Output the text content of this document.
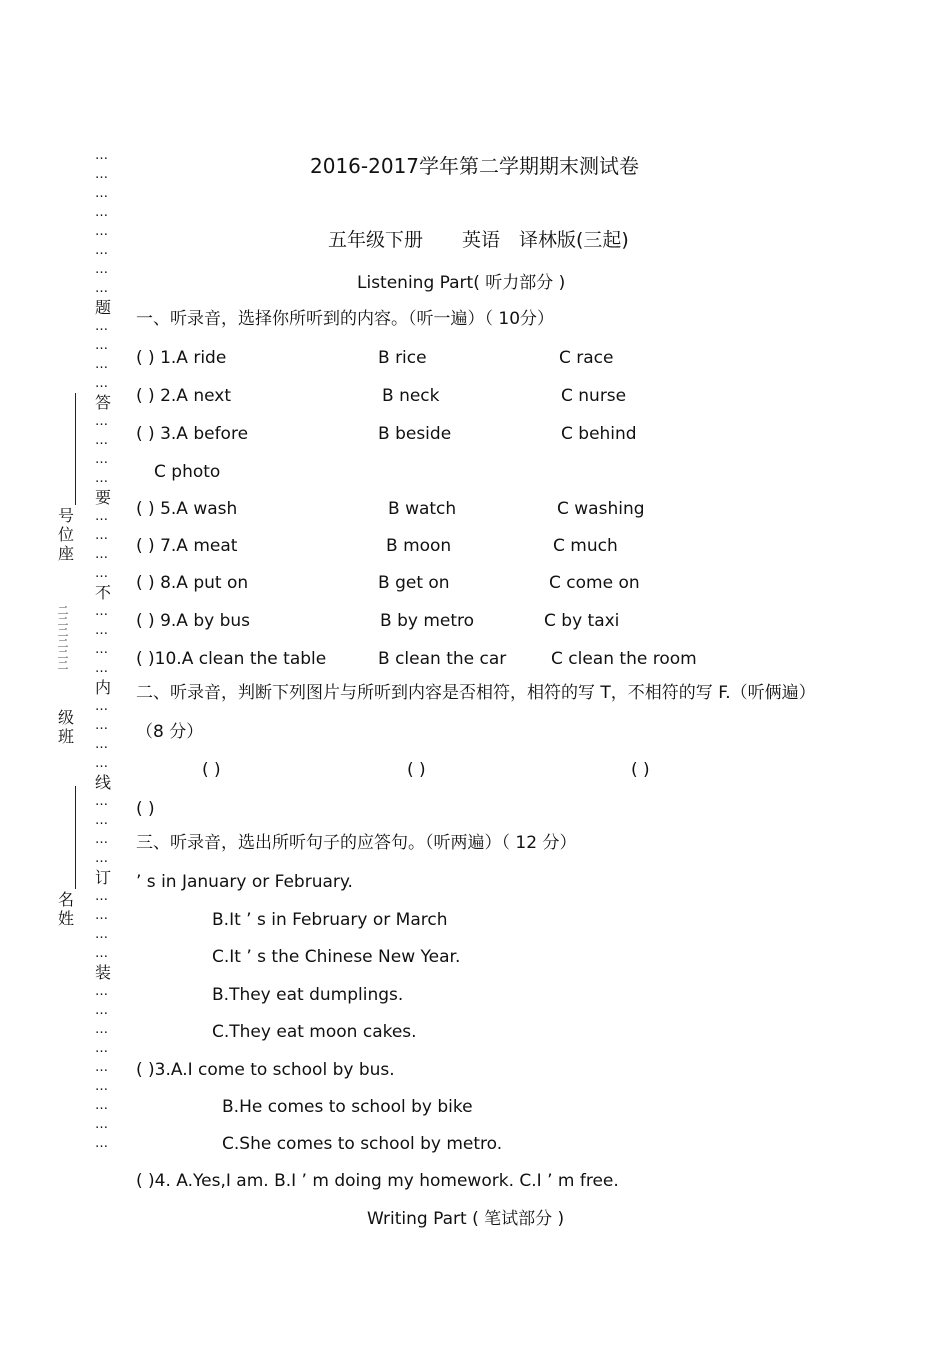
…
…
…
…
…
…
…
…
题
…
…
…
…
答
…
…
…
…
要
…
…
…
…
不
…
…
…
…
内
…
…
…
…
线
…
…
…
…
订
…
…
…
…
装
…
…
…
…
…
…
…
…
…
号位座
二二二二二二
级班
名姓
2016-2017学年第二学期期末测试卷
五年级下册 英语 译林版(三起)
Listening Part( 听力部分 )
一、听录音，选择你所听到的内容。（听一遍）（ 10分）
( ) 1.A ride	B rice	C race
( ) 2.A next	B neck	C nurse
( ) 3.A before	B beside	C behind
C photo
( ) 5.A wash	B watch	C washing
( ) 7.A meat	B moon	C much
( ) 8.A put on	B get on	C come on
( ) 9.A by bus	B by metro	C by taxi
( )10.A clean the table	B clean the car	C clean the room
二、听录音，判断下列图片与所听到内容是否相符，相符的写 T，不相符的写 F.（听俩遍）
（8 分）
( )	( )	( )
( )
三、听录音，选出所听句子的应答句。（听两遍）（ 12 分）
’ s in January or February.
B.It ’ s in February or March
C.It ’ s the Chinese New Year.
B.They eat dumplings.
C.They eat moon cakes.
( )3.A.I come to school by bus.
B.He comes to school by bike
C.She comes to school by metro.
( )4. A.Yes,I am. B.I ’ m doing my homework. C.I ’ m free.
Writing Part ( 笔试部分 )
